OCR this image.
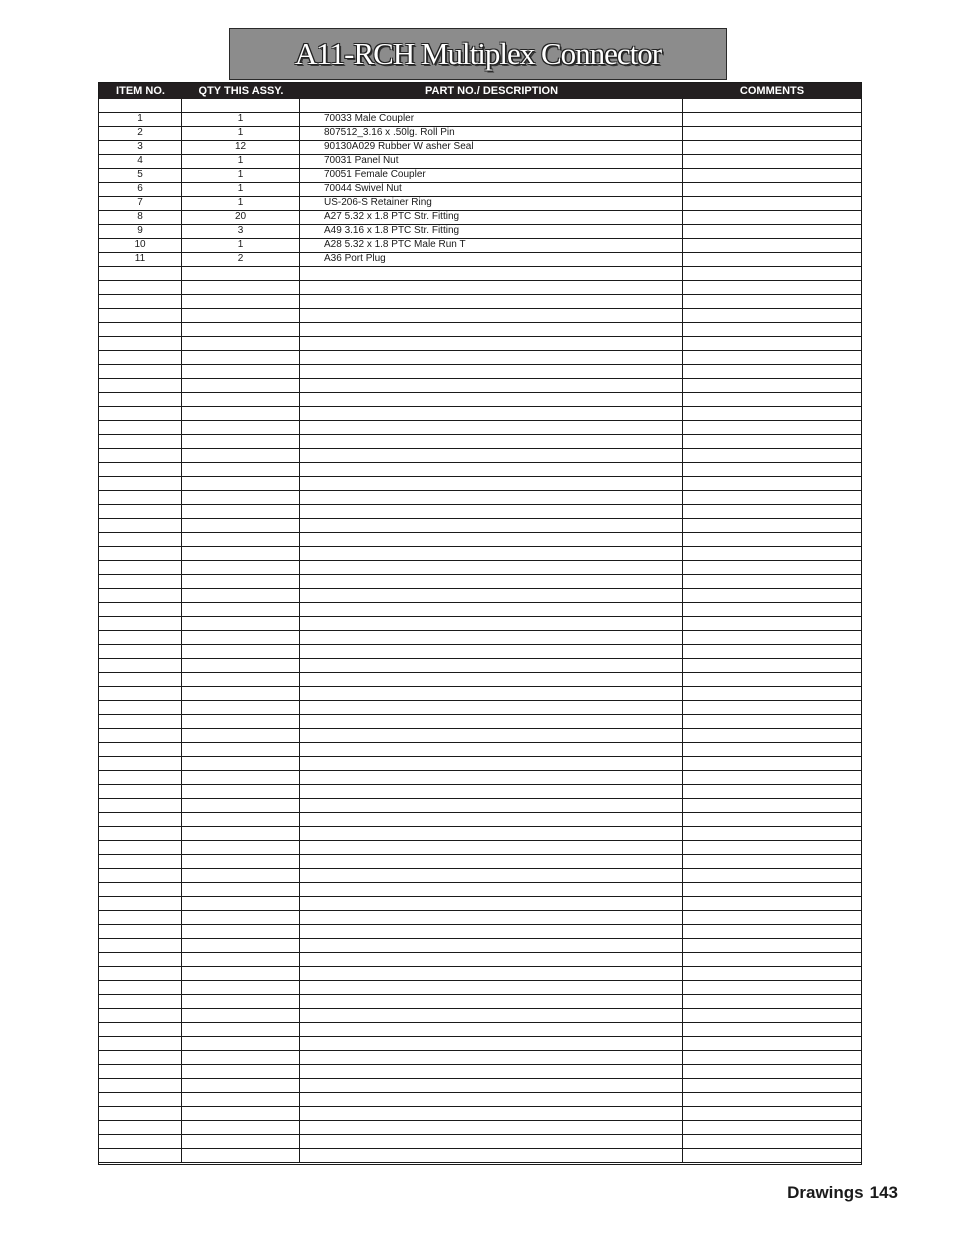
A11-RCH Multiplex Connector
ITEM NO.	QTY THIS ASSY.	PART NO./ DESCRIPTION	COMMENTS
1	1	70033 Male Coupler
2	1	807512_3.16 x .50lg. Roll Pin
3	12	90130A029 Rubber W asher Seal
4	1	70031 Panel Nut
5	1	70051 Female Coupler
6	1	70044 Swivel Nut
7	1	US-206-S Retainer Ring
8	20	A27 5.32 x 1.8 PTC Str. Fitting
9	3	A49 3.16 x 1.8 PTC Str. Fitting
10	1	A28 5.32 x 1.8 PTC Male Run T
11	2	A36 Port Plug
Drawings 143
